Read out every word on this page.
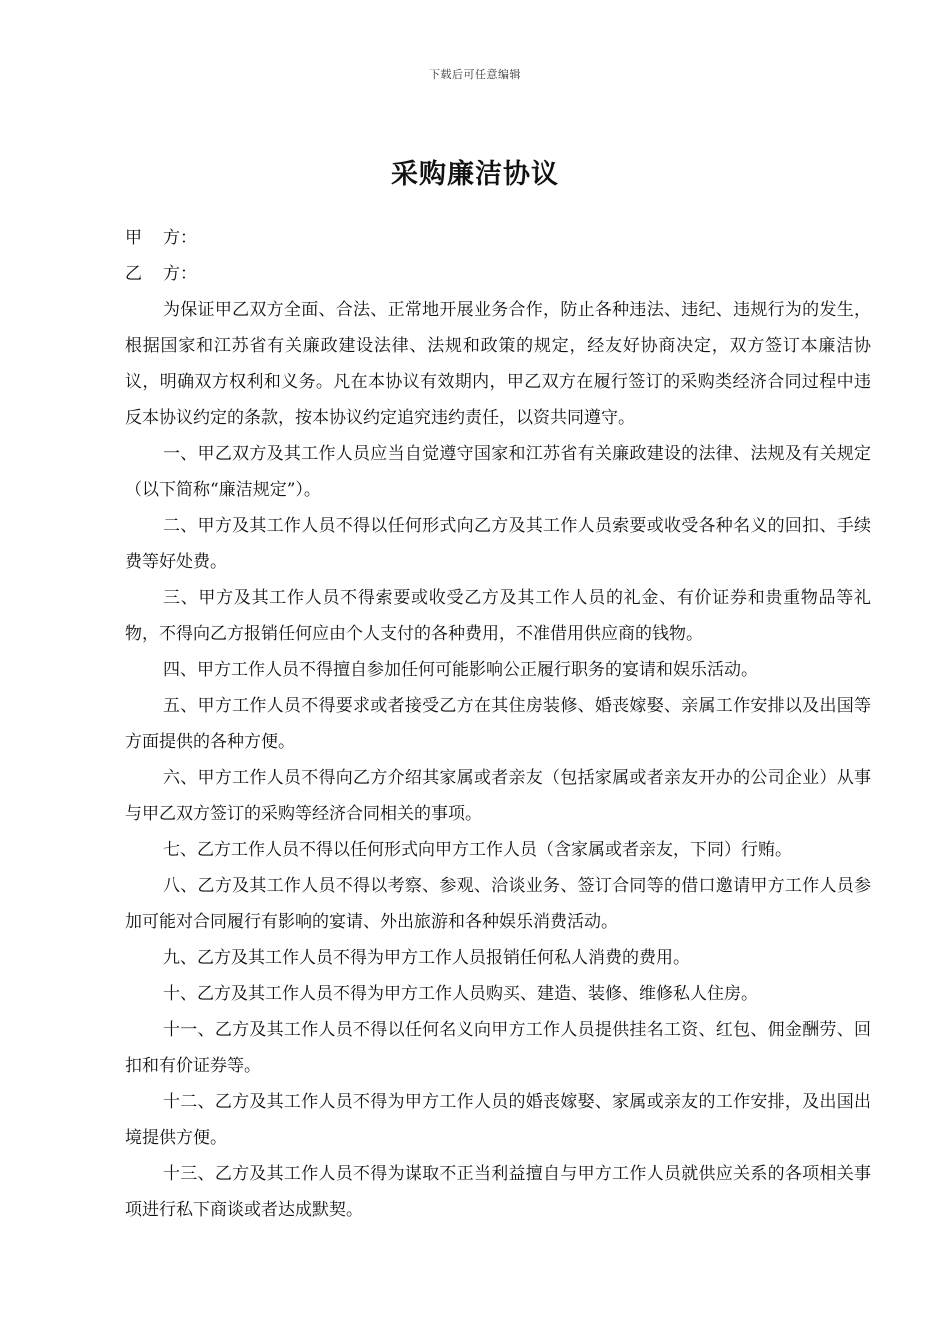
下载后可任意编辑
采购廉洁协议
甲 方：
乙 方：

为保证甲乙双方全面、合法、正常地开展业务合作，防止各种违法、违纪、违规行为的发生，根据国家和江苏省有关廉政建设法律、法规和政策的规定，经友好协商决定，双方签订本廉洁协议，明确双方权利和义务。凡在本协议有效期内，甲乙双方在履行签订的采购类经济合同过程中违反本协议约定的条款，按本协议约定追究违约责任，以资共同遵守。

一、甲乙双方及其工作人员应当自觉遵守国家和江苏省有关廉政建设的法律、法规及有关规定（以下简称“廉洁规定”）。

二、甲方及其工作人员不得以任何形式向乙方及其工作人员索要或收受各种名义的回扣、手续费等好处费。

三、甲方及其工作人员不得索要或收受乙方及其工作人员的礼金、有价证券和贵重物品等礼物，不得向乙方报销任何应由个人支付的各种费用，不准借用供应商的钱物。

四、甲方工作人员不得擅自参加任何可能影响公正履行职务的宴请和娱乐活动。

五、甲方工作人员不得要求或者接受乙方在其住房装修、婚丧嫁娶、亲属工作安排以及出国等方面提供的各种方便。

六、甲方工作人员不得向乙方介绍其家属或者亲友（包括家属或者亲友开办的公司企业）从事与甲乙双方签订的采购等经济合同相关的事项。

七、乙方工作人员不得以任何形式向甲方工作人员（含家属或者亲友，下同）行贿。

八、乙方及其工作人员不得以考察、参观、洽谈业务、签订合同等的借口邀请甲方工作人员参加可能对合同履行有影响的宴请、外出旅游和各种娱乐消费活动。

九、乙方及其工作人员不得为甲方工作人员报销任何私人消费的费用。

十、乙方及其工作人员不得为甲方工作人员购买、建造、装修、维修私人住房。

十一、乙方及其工作人员不得以任何名义向甲方工作人员提供挂名工资、红包、佣金酬劳、回扣和有价证券等。

十二、乙方及其工作人员不得为甲方工作人员的婚丧嫁娶、家属或亲友的工作安排，及出国出境提供方便。

十三、乙方及其工作人员不得为谋取不正当利益擅自与甲方工作人员就供应关系的各项相关事项进行私下商谈或者达成默契。
